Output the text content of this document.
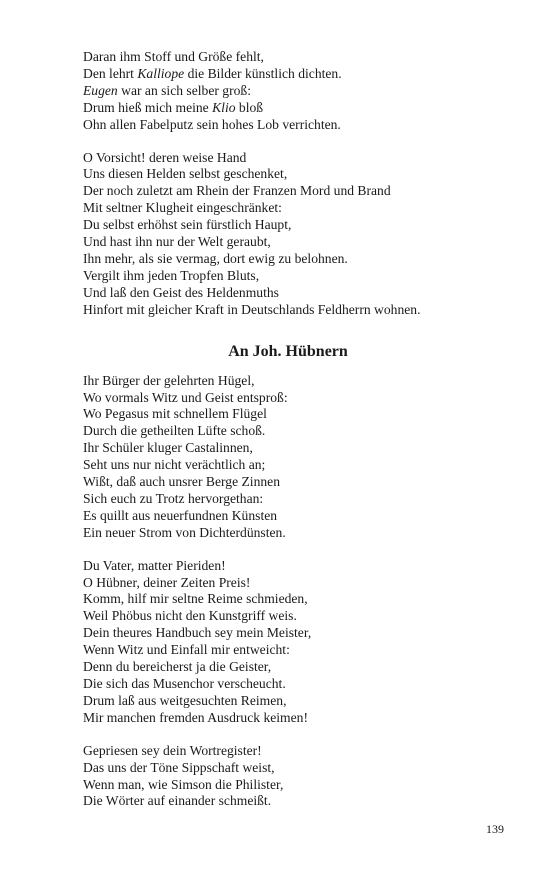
Daran ihm Stoff und Größe fehlt,
Den lehrt Kalliope die Bilder künstlich dichten.
Eugen war an sich selber groß:
Drum hieß mich meine Klio bloß
Ohn allen Fabelputz sein hohes Lob verrichten.
O Vorsicht! deren weise Hand
Uns diesen Helden selbst geschenket,
Der noch zuletzt am Rhein der Franzen Mord und Brand
Mit seltner Klugheit eingeschränket:
Du selbst erhöhst sein fürstlich Haupt,
Und hast ihn nur der Welt geraubt,
Ihn mehr, als sie vermag, dort ewig zu belohnen.
Vergilt ihm jeden Tropfen Bluts,
Und laß den Geist des Heldenmuths
Hinfort mit gleicher Kraft in Deutschlands Feldherrn wohnen.
An Joh. Hübnern
Ihr Bürger der gelehrten Hügel,
Wo vormals Witz und Geist entsproß:
Wo Pegasus mit schnellem Flügel
Durch die getheilten Lüfte schoß.
Ihr Schüler kluger Castalinnen,
Seht uns nur nicht verächtlich an;
Wißt, daß auch unsrer Berge Zinnen
Sich euch zu Trotz hervorgethan:
Es quillt aus neuerfundnen Künsten
Ein neuer Strom von Dichterdünsten.
Du Vater, matter Pieriden!
O Hübner, deiner Zeiten Preis!
Komm, hilf mir seltne Reime schmieden,
Weil Phöbus nicht den Kunstgriff weis.
Dein theures Handbuch sey mein Meister,
Wenn Witz und Einfall mir entweicht:
Denn du bereicherst ja die Geister,
Die sich das Musenchor verscheucht.
Drum laß aus weitgesuchten Reimen,
Mir manchen fremden Ausdruck keimen!
Gepriesen sey dein Wortregister!
Das uns der Töne Sippschaft weist,
Wenn man, wie Simson die Philister,
Die Wörter auf einander schmeißt.
139
